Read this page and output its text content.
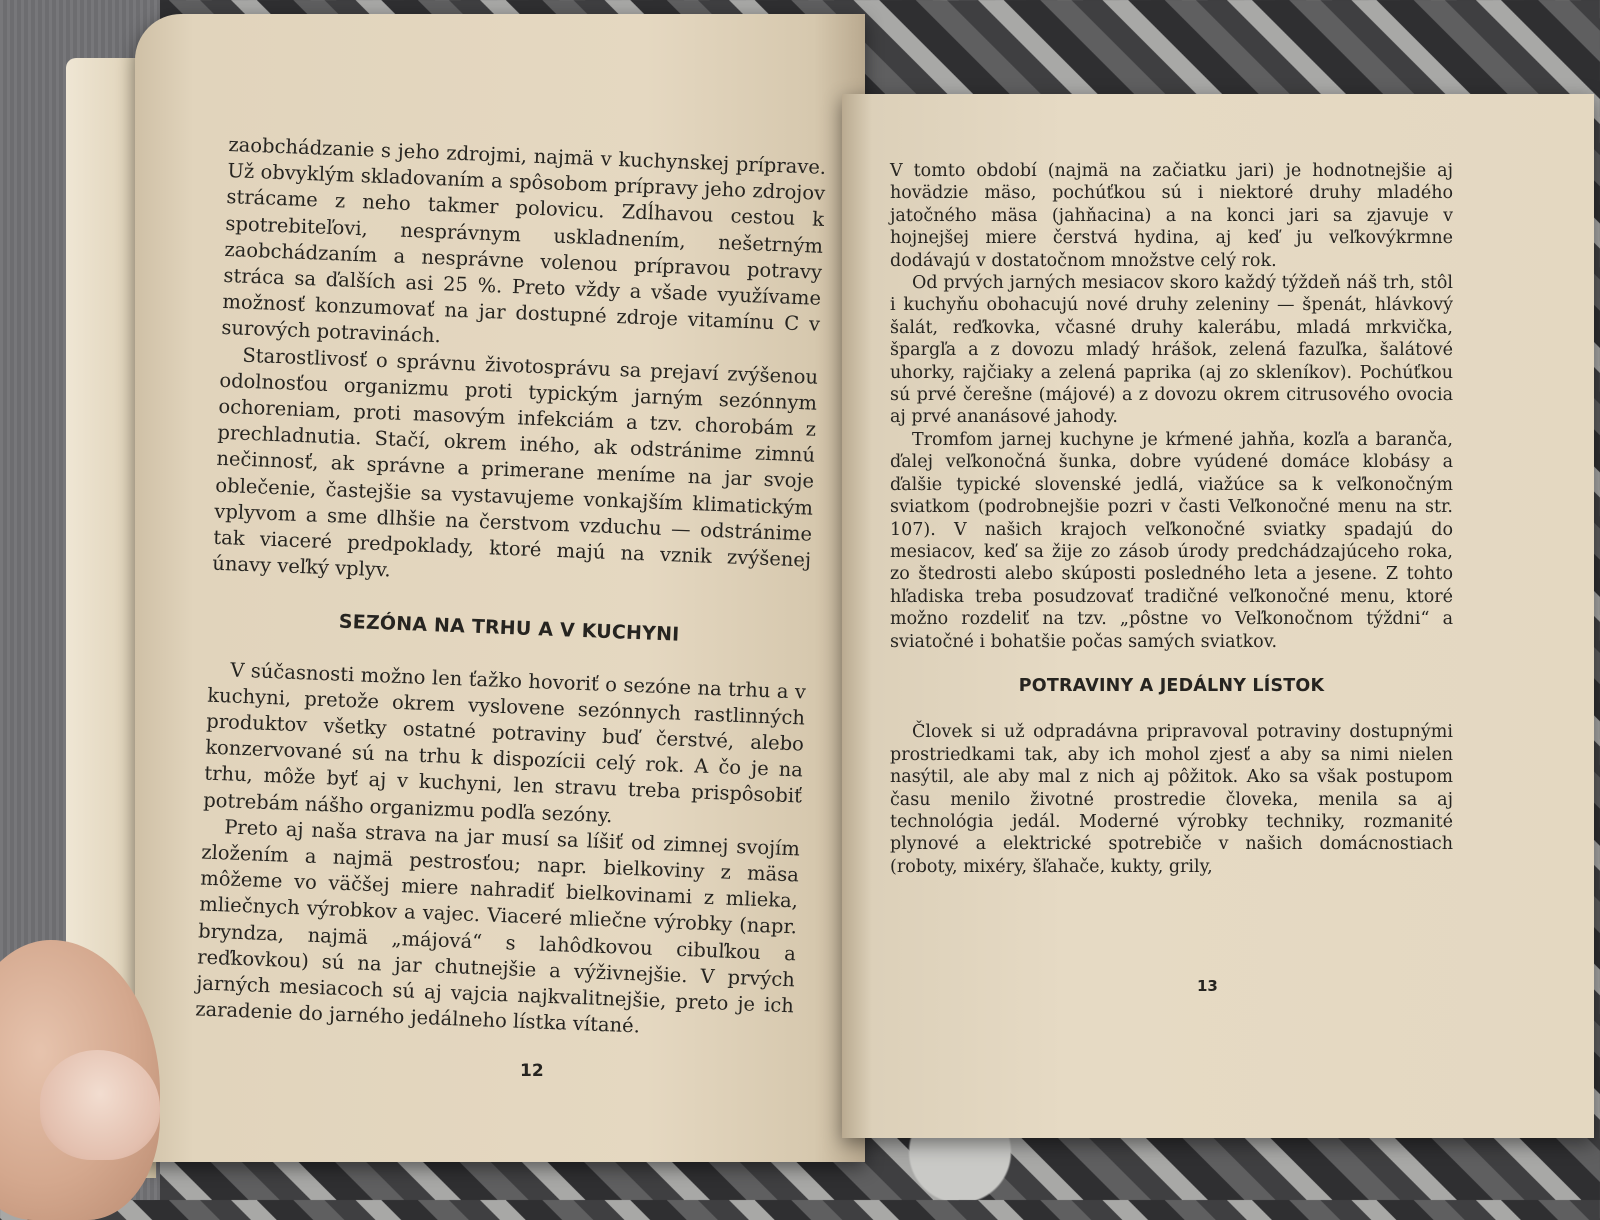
zaobchádzanie s jeho zdrojmi, najmä v kuchynskej príprave. Už obvyklým skladovaním a spôsobom prípravy jeho zdrojov strácame z neho takmer polovicu. Zdĺhavou cestou k spotrebiteľovi, nesprávnym uskladnením, nešetrným zaobchádzaním a nesprávne volenou prípravou potravy stráca sa ďalších asi 25 %. Preto vždy a všade využívame možnosť konzumovať na jar dostupné zdroje vitamínu C v surových potravinách.

Starostlivosť o správnu životosprávu sa prejaví zvýšenou odolnosťou organizmu proti typickým jarným sezónnym ochoreniam, proti masovým infekciám a tzv. chorobám z prechladnutia. Stačí, okrem iného, ak odstránime zimnú nečinnosť, ak správne a primerane meníme na jar svoje oblečenie, častejšie sa vystavujeme vonkajším klimatickým vplyvom a sme dlhšie na čerstvom vzduchu — odstránime tak viaceré predpoklady, ktoré majú na vznik zvýšenej únavy veľký vplyv.

SEZÓNA NA TRHU A V KUCHYNI

V súčasnosti možno len ťažko hovoriť o sezóne na trhu a v kuchyni, pretože okrem vyslovene sezónnych rastlinných produktov všetky ostatné potraviny buď čerstvé, alebo konzervované sú na trhu k dispozícii celý rok. A čo je na trhu, môže byť aj v kuchyni, len stravu treba prispôsobiť potrebám nášho organizmu podľa sezóny.

Preto aj naša strava na jar musí sa líšiť od zimnej svojím zložením a najmä pestrosťou; napr. bielkoviny z mäsa môžeme vo väčšej miere nahradiť bielkovinami z mlieka, mliečnych výrobkov a vajec. Viaceré mliečne výrobky (napr. bryndza, najmä „májová“ s lahôdkovou cibuľkou a reďkovkou) sú na jar chutnejšie a výživnejšie. V prvých jarných mesiacoch sú aj vajcia najkvalitnejšie, preto je ich zaradenie do jarného jedálneho lístka vítané.

12

V tomto období (najmä na začiatku jari) je hodnotnejšie aj hovädzie mäso, pochúťkou sú i niektoré druhy mladého jatočného mäsa (jahňacina) a na konci jari sa zjavuje v hojnejšej miere čerstvá hydina, aj keď ju veľkovýkrmne dodávajú v dostatočnom množstve celý rok.

Od prvých jarných mesiacov skoro každý týždeň náš trh, stôl i kuchyňu obohacujú nové druhy zeleniny — špenát, hlávkový šalát, reďkovka, včasné druhy kalerábu, mladá mrkvička, špargľa a z dovozu mladý hrášok, zelená fazuľka, šalátové uhorky, rajčiaky a zelená paprika (aj zo skleníkov). Pochúťkou sú prvé čerešne (májové) a z dovozu okrem citrusového ovocia aj prvé ananásové jahody.

Tromfom jarnej kuchyne je kŕmené jahňa, kozľa a baranča, ďalej veľkonočná šunka, dobre vyúdené domáce klobásy a ďalšie typické slovenské jedlá, viažúce sa k veľkonočným sviatkom (podrobnejšie pozri v časti Veľkonočné menu na str. 107). V našich krajoch veľkonočné sviatky spadajú do mesiacov, keď sa žije zo zásob úrody predchádzajúceho roka, zo štedrosti alebo skúposti posledného leta a jesene. Z tohto hľadiska treba posudzovať tradičné veľkonočné menu, ktoré možno rozdeliť na tzv. „pôstne vo Veľkonočnom týždni“ a sviatočné i bohatšie počas samých sviatkov.

POTRAVINY A JEDÁLNY LÍSTOK

Človek si už odpradávna pripravoval potraviny dostupnými prostriedkami tak, aby ich mohol zjesť a aby sa nimi nielen nasýtil, ale aby mal z nich aj pôžitok. Ako sa však postupom času menilo životné prostredie človeka, menila sa aj technológia jedál. Moderné výrobky techniky, rozmanité plynové a elektrické spotrebiče v našich domácnostiach (roboty, mixéry, šľahače, kukty, grily,

13
